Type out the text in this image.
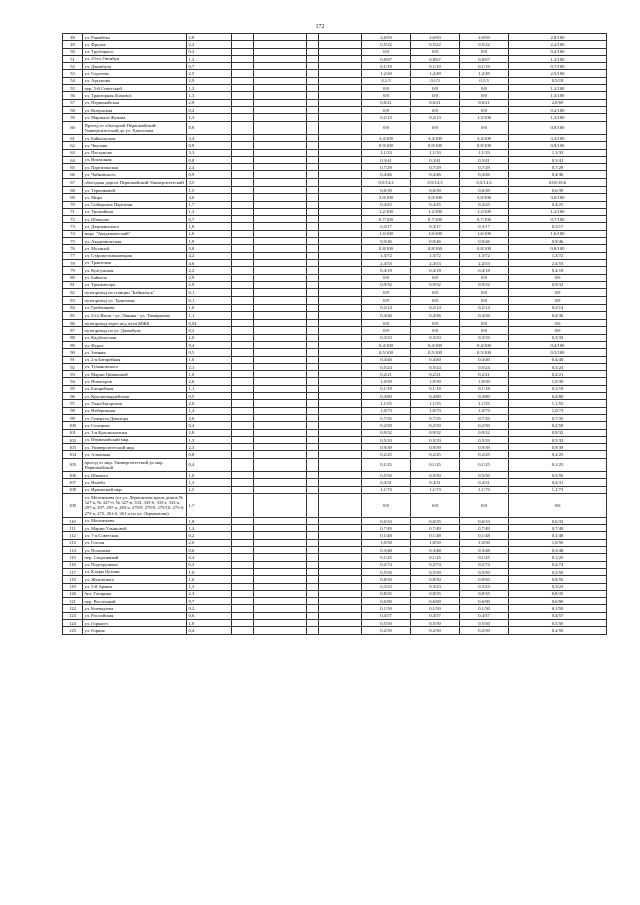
172
48	ул. Раимбека	2,8					2,6/93	2,6/93	2,6/93	2,8/100
49	ул. Фрунзе	2,2					0,5/22	0,5/22	0,5/22	2,2/100
50	ул. Трубецкого	0,2					0/0	0/0	0/0	0,2/100
51	ул. 25-го Октября	1,2					0,8/67	0,8/67	0,8/67	1,2/100
52	ул. Джамбула	0,7					0,1/19	0,1/19	0,1/19	0,7/100
53	ул. Сергеева	2,5					1,2/49	1,2/49	1,2/49	2,5/100
54	ул. Аргунова	2,9					0,1/3	0,1/3	0,1/3	0,5/18
55	пер. 5-й Советский	1,2					0/0	0/0	0/0	1,2/100
56	ул. Тракторная (Боково)	1,3					0/0	0/0	0/0	1,3/100
57	ул. Первомайская	2,9					0,6/21	0,6/21	0,6/21	2,0/69
58	ул. Кичунская	0,2					0/0	0/0	0/0	0,2/100
59	ул. Маршала Жукова	1,3					0,2/13	0,2/13	1,3/100	1,3/100
60	Проезд от объездной Первомайский-Университетский до ул. Хамталова	0,8					0/0	0/0	0/0	0,8/100
61	ул. Байкальская	3,4					3,4/100	3,4/100	3,4/100	3,4/100
62	ул. Чкалова	0,9					0,9/100	0,9/100	0,9/100	0,9/100
63	ул. Пасхунова	3,3					1,1/33	1,1/33	1,1/33	1,1/33
64	ул. Вокзалная	0,8					0,3/41	0,3/41	0,3/41	0,3/41
65	ул. Партизанская	2,4					0,7/29	0,7/29	0,7/29	0,7/29
66	ул. Чайковского	0,9					0,4/46	0,4/46	0,4/46	0,4/46
67	объездная дорога Первомайский-Университетский	3,5					0,5/14,3	0,5/14,3	0,5/14,3	0,65/18,6
68	ул. Терешковой	1,5					0,6/39	0,6/39	0,6/39	0,6/39
69	ул. Мира	3,0					3,0/100	3,0/100	3,0/100	3,0/100
70	ул. Сибирских Партизан	1,7					0,4/25	0,4/25	0,4/25	0,4/25
71	ул. Урожайная	1,2					1,2/100	1,2/100	1,2/100	1,2/100
72	ул. Шевцова	0,7					0,7/100	0,7/100	0,7/100	0,7/100
73	ул. Дзержинского	1,8					0,3/17	0,3/17	0,3/17	0,3/17
74	мкрт. "Академический"	1,6					1,6/100	1,6/100	1,6/100	1,6/100
75	ул. Академическая	1,9					0,9/46	0,9/46	0,9/46	0,9/46
76	ул. Мухиной	0,8					0,8/100	0,8/100	0,8/100	0,8/100
77	ул. Старокутьмышецкая	4,2					1,3/72	1,3/72	1,3/72	1,3/72
78	ул. Трактовая	4,6					2,4/53	2,4/53	2,4/53	2,4/53
79	ул. Кулгунская	2,2					0,4/18	0,4/18	0,4/18	0,4/18
80	ул. Байкало	2,9					0/0	0/0	0/0	0/0
81	ул. Трымовсера	2,9					0,9/32	0,9/32	0,9/32	0,9/32
82	путепровод на станции "Байкальск"	0,1					0/0	0/0	0/0	0/0
83	путепровод ул. Трактовая	0,1					0/0	0/0	0/0	0/0
84	ул. Гребенщева	1,6					0,2/14	0,2/14	0,2/14	0,2/14
85	ул. 3-го Июля - ул. Ленина - ул. Тимирязева	1,1					0,4/36	0,4/36	0,4/36	0,4/36
86	путепровод через ж/д пути МЖК	0,04					0/0	0/0	0/0	0/0
87	путепровод по ул. Джамбула	0,2					0/0	0/0	0/0	0/0
88	ул. Кадбольская	1,0					0,3/33	0,3/33	0,3/33	0,3/33
89	ул. Фурье	0,4					0,4/100	0,4/100	0,4/100	0,4/100
90	ул. Зимняя	0,5					0,5/100	0,5/100	0,5/100	0,5/100
91	ул. 2-я Батарейная	1,0					0,4/40	0,4/40	0,4/40	0,4/40
92	ул. Тумановского	2,1					0,5/24	0,5/24	0,5/24	0,5/24
93	ул. Марии Цивиновой	1,0					0,2/21	0,2/21	0,2/21	0,2/21
94	ул. Новаторов	2,6					1,0/39	1,0/39	1,0/39	1,0/39
95	ул. Батарейная	1,1					0,1/18	0,1/18	0,1/18	0,1/18
96	ул. Красногвардейская	0,5					0,4/80	0,4/80	0,4/80	0,4/80
97	ул. Улан-Баторская	2,0					1,1/55	1,1/55	1,1/55	1,1/55
98	ул. Набережная	1,4					1,0/73	1,0/73	1,0/73	1,0/73
99	ул. Генерала Доватора	2,0					0,7/35	0,7/35	0,7/35	0,7/35
100	ул. Сеченова	0,4					0,2/50	0,2/50	0,2/50	0,2/50
101	ул. 3-я Красноказачья	2,8					0,9/32	0,9/32	0,9/32	0,9/32
102	ул. Первомайский мкр.	1,5					0,5/33	0,5/33	0,5/33	0,5/33
103	ул. Университетский мкр.	2,3					0,9/39	0,9/39	0,9/39	0,9/39
104	ул. Алмазная	0,8					0,2/25	0,2/25	0,2/25	0,2/25
105	проезд от мкр. Университетский до мкр. Первомайский	0,4					0,1/25	0,1/25	0,1/25	0,1/25
106	ул. Шимита	1,0					0,5/50	0,5/50	0,5/50	0,5/50
107	ул. Ньюби	1,3					0,4/31	0,4/31	0,4/31	0,4/31
108	ул. Ирмакский мкр.	1,5					1,1/73	1,1/73	1,1/73	1,1/73
109	ул. Мелентьева (от ул. Лермонтова вдоль домов № 327-а, № 327-б, № 327-в, 333, 333-б, 333-г, 333-а, 297-а, 297, 297-а, 283-а, 279/9, 279/9, 279/10, 275-б, 275-а, 275, 261-б, 261-а по ул. Лермонтова)	1,7					0/0	0/0	0/0	0/0
110	ул. Мелентьева	1,8					0,6/33	0,6/35	0,6/33	0,6/33
111	ул. Марии Ульяновой	1,4					0,7/49	0,7/49	0,7/49	0,7/49
112	ул. 7-я Советская	0,2					0,1/48	0,1/48	0,1/48	0,1/48
113	ул. Гоголя	2,0					1,0/50	1,0/50	1,0/50	1,0/50
114	ул. Полонова	0,6					0,3/48	0,3/48	0,3/48	0,3/48
115	пер. Спортивный	0,4					0,1/25	0,1/25	0,1/25	0,1/25
116	ул. Подгорушена	0,3					0,2/74	0,2/74	0,2/74	0,2/74
117	ул. Клары Цеткин	1,0					0,5/50	0,5/50	0,5/50	0,5/50
118	ул. Жуковского	1,6					0,8/50	0,8/50	0,8/50	0,8/50
119	ул. 5-й Армии	1,3					0,3/23	0,3/23	0,3/23	0,3/23
120	бул. Гагарина	2,3					0,8/35	0,8/35	0,8/35	0,8/35
121	пер. Восточный	0,7					0,6/90	0,6/90	0,6/90	0,6/90
122	ул. Киевадзева	0,2					0,1/50	0,1/50	0,1/50	0,1/50
123	ул. Российская	0,6					0,4/57	0,4/57	0,4/57	0,4/57
124	ул. Горького	1,0					0,5/50	0,5/50	0,5/50	0,5/50
125	ул. Горная	0,4					0,2/50	0,2/50	0,2/50	0,2/50
